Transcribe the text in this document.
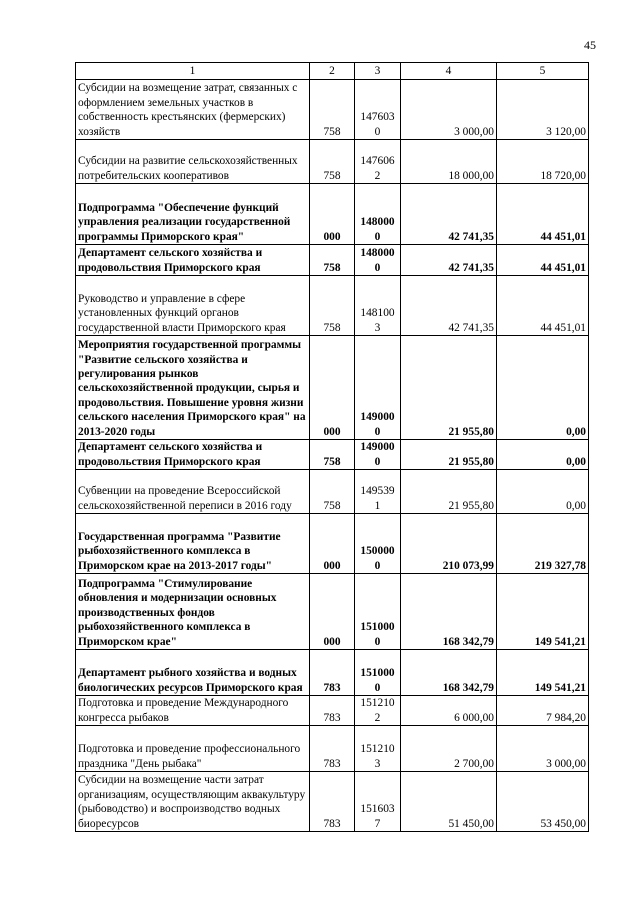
45
1	2	3	4	5
Субсидии на возмещение затрат, связанных с оформлением земельных участков в собственность крестьянских (фермерских) хозяйств	758	147603 0	3 000,00	3 120,00
Субсидии на развитие сельскохозяйственных потребительских кооперативов	758	147606 2	18 000,00	18 720,00
Подпрограмма "Обеспечение функций управления реализации государственной программы Приморского края"	000	148000 0	42 741,35	44 451,01
Департамент сельского хозяйства и продовольствия Приморского края	758	148000 0	42 741,35	44 451,01
Руководство и управление в сфере установленных функций органов государственной власти Приморского края	758	148100 3	42 741,35	44 451,01
Мероприятия государственной программы "Развитие сельского хозяйства и регулирования рынков сельскохозяйственной продукции, сырья и продовольствия. Повышение уровня жизни сельского населения Приморского края" на 2013-2020 годы	000	149000 0	21 955,80	0,00
Департамент сельского хозяйства и продовольствия Приморского края	758	149000 0	21 955,80	0,00
Субвенции на проведение Всероссийской сельскохозяйственной переписи в 2016 году	758	149539 1	21 955,80	0,00
Государственная программа "Развитие рыбохозяйственного комплекса в Приморском крае на 2013-2017 годы"	000	150000 0	210 073,99	219 327,78
Подпрограмма "Стимулирование обновления и модернизации основных производственных фондов рыбохозяйственного комплекса в Приморском крае"	000	151000 0	168 342,79	149 541,21
Департамент рыбного хозяйства и водных биологических ресурсов Приморского края	783	151000 0	168 342,79	149 541,21
Подготовка и проведение Международного конгресса рыбаков	783	151210 2	6 000,00	7 984,20
Подготовка и проведение профессионального праздника "День рыбака"	783	151210 3	2 700,00	3 000,00
Субсидии на возмещение части затрат организациям, осуществляющим аквакультуру (рыбоводство) и воспроизводство водных биоресурсов	783	151603 7	51 450,00	53 450,00
